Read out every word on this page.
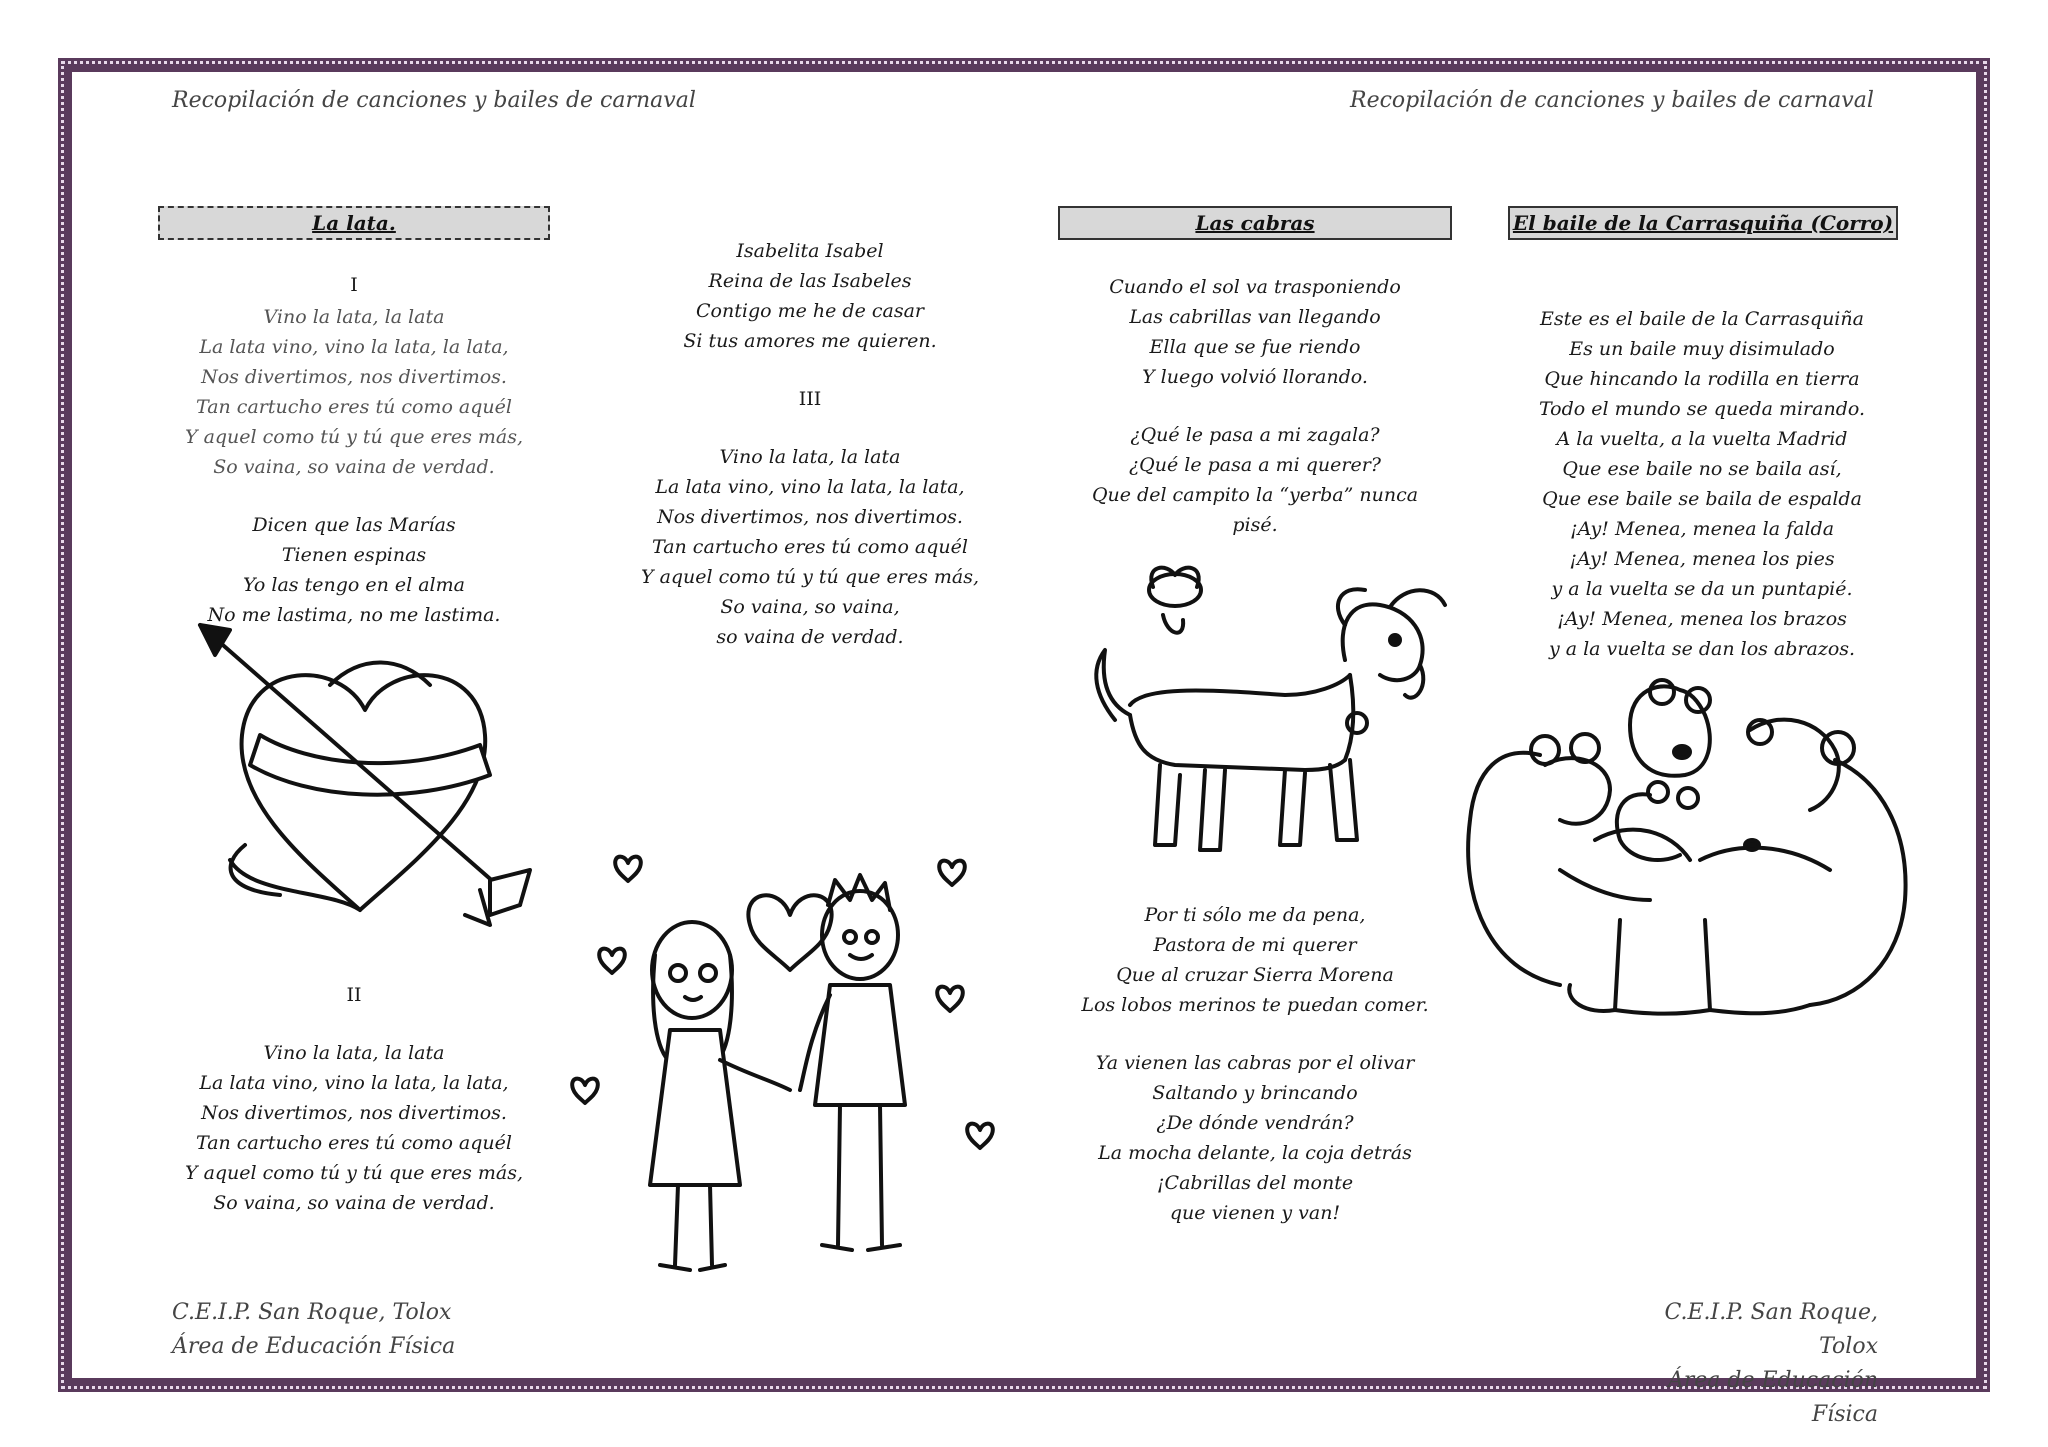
Recopilación de canciones y bailes de carnaval	Recopilación de canciones y bailes de carnaval
La lata.
I

Vino la lata, la lata
La lata vino, vino la lata, la lata,
Nos divertimos, nos divertimos.
Tan cartucho eres tú como aquél
Y aquel como tú y tú que eres más,
So vaina, so vaina de verdad.

Dicen que las Marías
Tienen espinas
Yo las tengo en el alma
No me lastima, no me lastima.

II

Vino la lata, la lata
La lata vino, vino la lata, la lata,
Nos divertimos, nos divertimos.
Tan cartucho eres tú como aquél
Y aquel como tú y tú que eres más,
So vaina, so vaina de verdad.

Isabelita Isabel
Reina de las Isabeles
Contigo me he de casar
Si tus amores me quieren.

III

Vino la lata, la lata
La lata vino, vino la lata, la lata,
Nos divertimos, nos divertimos.
Tan cartucho eres tú como aquél
Y aquel como tú y tú que eres más,
So vaina, so vaina,
so vaina de verdad.

Las cabras

Cuando el sol va trasponiendo
Las cabrillas van llegando
Ella que se fue riendo
Y luego volvió llorando.

¿Qué le pasa a mi zagala?
¿Qué le pasa a mi querer?
Que del campito la “yerba” nunca
pisé.

Por ti sólo me da pena,
Pastora de mi querer
Que al cruzar Sierra Morena
Los lobos merinos te puedan comer.

Ya vienen las cabras por el olivar
Saltando y brincando
¿De dónde vendrán?
La mocha delante, la coja detrás
¡Cabrillas del monte
que vienen y van!

El baile de la Carrasquiña (Corro)

Este es el baile de la Carrasquiña
Es un baile muy disimulado
Que hincando la rodilla en tierra
Todo el mundo se queda mirando.
A la vuelta, a la vuelta Madrid
Que ese baile no se baila así,
Que ese baile se baila de espalda
¡Ay! Menea, menea la falda
¡Ay! Menea, menea los pies
y a la vuelta se da un puntapié.
¡Ay! Menea, menea los brazos
y a la vuelta se dan los abrazos.

C.E.I.P. San Roque, Tolox
Área de Educación Física
C.E.I.P. San Roque, Tolox
Área de Educación Física
